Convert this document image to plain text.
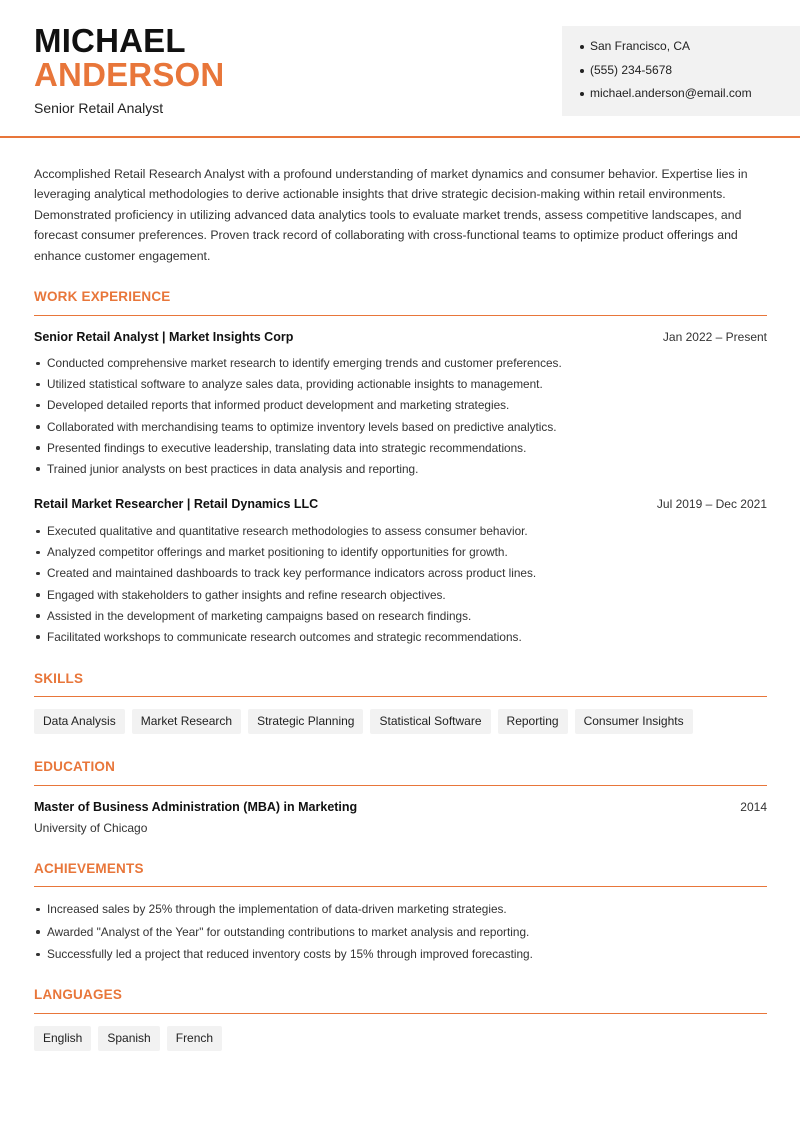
MICHAEL
ANDERSON
Senior Retail Analyst
San Francisco, CA
(555) 234-5678
michael.anderson@email.com

Accomplished Retail Research Analyst with a profound understanding of market dynamics and consumer behavior. Expertise lies in leveraging analytical methodologies to derive actionable insights that drive strategic decision-making within retail environments. Demonstrated proficiency in utilizing advanced data analytics tools to evaluate market trends, assess competitive landscapes, and forecast consumer preferences. Proven track record of collaborating with cross-functional teams to optimize product offerings and enhance customer engagement.

WORK EXPERIENCE
Senior Retail Analyst | Market Insights Corp	Jan 2022 – Present
Conducted comprehensive market research to identify emerging trends and customer preferences.
Utilized statistical software to analyze sales data, providing actionable insights to management.
Developed detailed reports that informed product development and marketing strategies.
Collaborated with merchandising teams to optimize inventory levels based on predictive analytics.
Presented findings to executive leadership, translating data into strategic recommendations.
Trained junior analysts on best practices in data analysis and reporting.
Retail Market Researcher | Retail Dynamics LLC	Jul 2019 – Dec 2021
Executed qualitative and quantitative research methodologies to assess consumer behavior.
Analyzed competitor offerings and market positioning to identify opportunities for growth.
Created and maintained dashboards to track key performance indicators across product lines.
Engaged with stakeholders to gather insights and refine research objectives.
Assisted in the development of marketing campaigns based on research findings.
Facilitated workshops to communicate research outcomes and strategic recommendations.
SKILLS
Data Analysis	Market Research	Strategic Planning	Statistical Software	Reporting	Consumer Insights
EDUCATION
Master of Business Administration (MBA) in Marketing	2014
University of Chicago
ACHIEVEMENTS
Increased sales by 25% through the implementation of data-driven marketing strategies.
Awarded "Analyst of the Year" for outstanding contributions to market analysis and reporting.
Successfully led a project that reduced inventory costs by 15% through improved forecasting.
LANGUAGES
English	Spanish	French
